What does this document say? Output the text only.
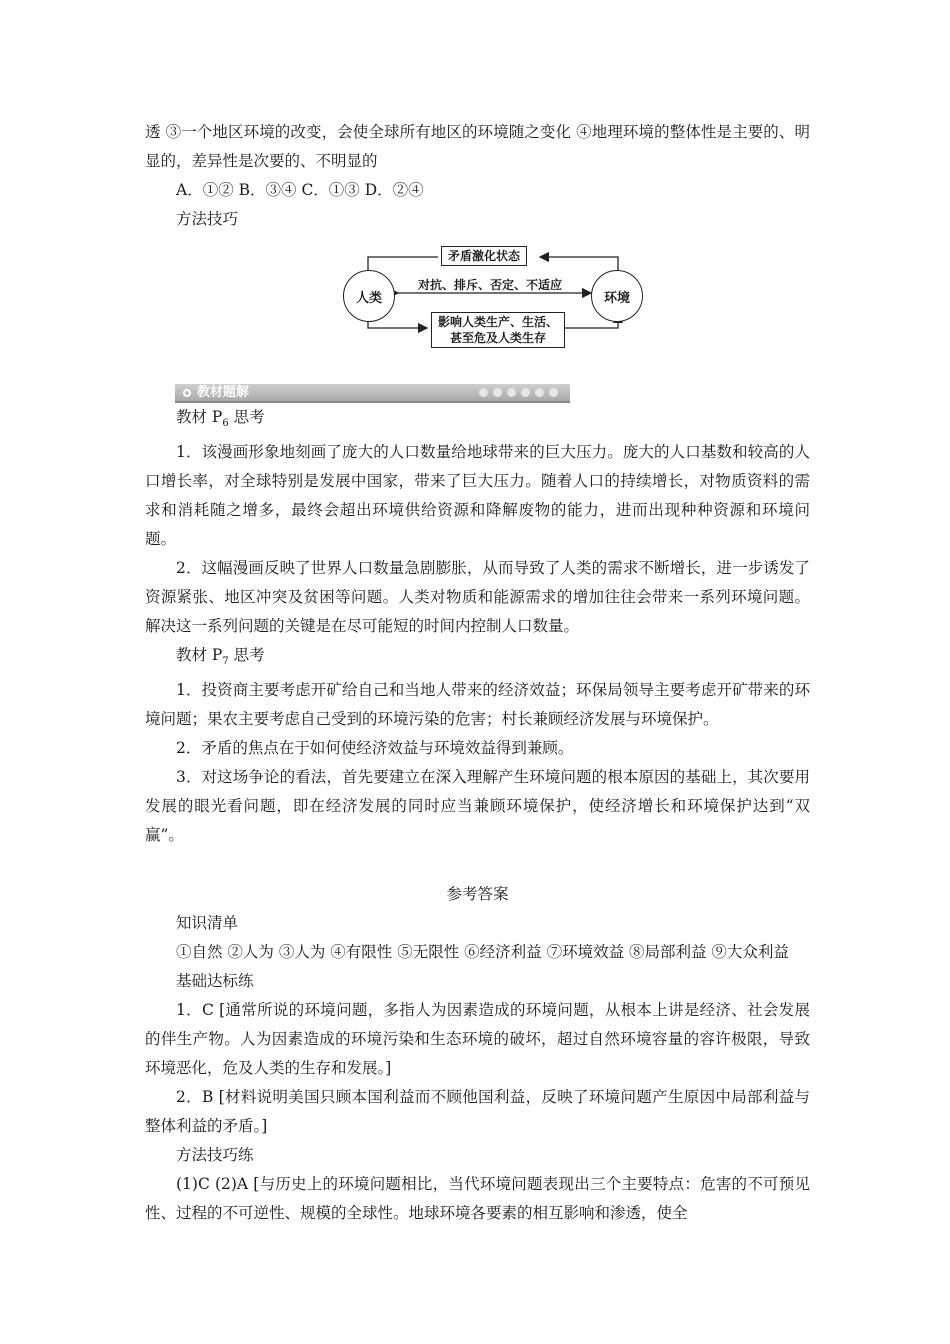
透 ③一个地区环境的改变，会使全球所有地区的环境随之变化 ④地理环境的整体性是主要的、明显的，差异性是次要的、不明显的

A．①② B．③④ C．①③ D．②④

方法技巧

人类	环境
矛盾激化状态
对抗、排斥、否定、不适应
影响人类生产、生活、
甚至危及人类生存
教材题解

教材 $P_6$ 思考

1．该漫画形象地刻画了庞大的人口数量给地球带来的巨大压力。庞大的人口基数和较高的人口增长率，对全球特别是发展中国家，带来了巨大压力。随着人口的持续增长，对物质资料的需求和消耗随之增多，最终会超出环境供给资源和降解废物的能力，进而出现种种资源和环境问题。

2．这幅漫画反映了世界人口数量急剧膨胀，从而导致了人类的需求不断增长，进一步诱发了资源紧张、地区冲突及贫困等问题。人类对物质和能源需求的增加往往会带来一系列环境问题。解决这一系列问题的关键是在尽可能短的时间内控制人口数量。

教材 $P_7$ 思考

1．投资商主要考虑开矿给自己和当地人带来的经济效益；环保局领导主要考虑开矿带来的环境问题；果农主要考虑自己受到的环境污染的危害；村长兼顾经济发展与环境保护。

2．矛盾的焦点在于如何使经济效益与环境效益得到兼顾。

3．对这场争论的看法，首先要建立在深入理解产生环境问题的根本原因的基础上，其次要用发展的眼光看问题，即在经济发展的同时应当兼顾环境保护，使经济增长和环境保护达到“双赢”。

参考答案

知识清单

①自然 ②人为 ③人为 ④有限性 ⑤无限性 ⑥经济利益 ⑦环境效益 ⑧局部利益 ⑨大众利益

基础达标练

1．C [通常所说的环境问题，多指人为因素造成的环境问题，从根本上讲是经济、社会发展的伴生产物。人为因素造成的环境污染和生态环境的破坏，超过自然环境容量的容许极限，导致环境恶化，危及人类的生存和发展。]

2．B [材料说明美国只顾本国利益而不顾他国利益，反映了环境问题产生原因中局部利益与整体利益的矛盾。]

方法技巧练

(1)C (2)A [与历史上的环境问题相比，当代环境问题表现出三个主要特点：危害的不可预见性、过程的不可逆性、规模的全球性。地球环境各要素的相互影响和渗透，使全
